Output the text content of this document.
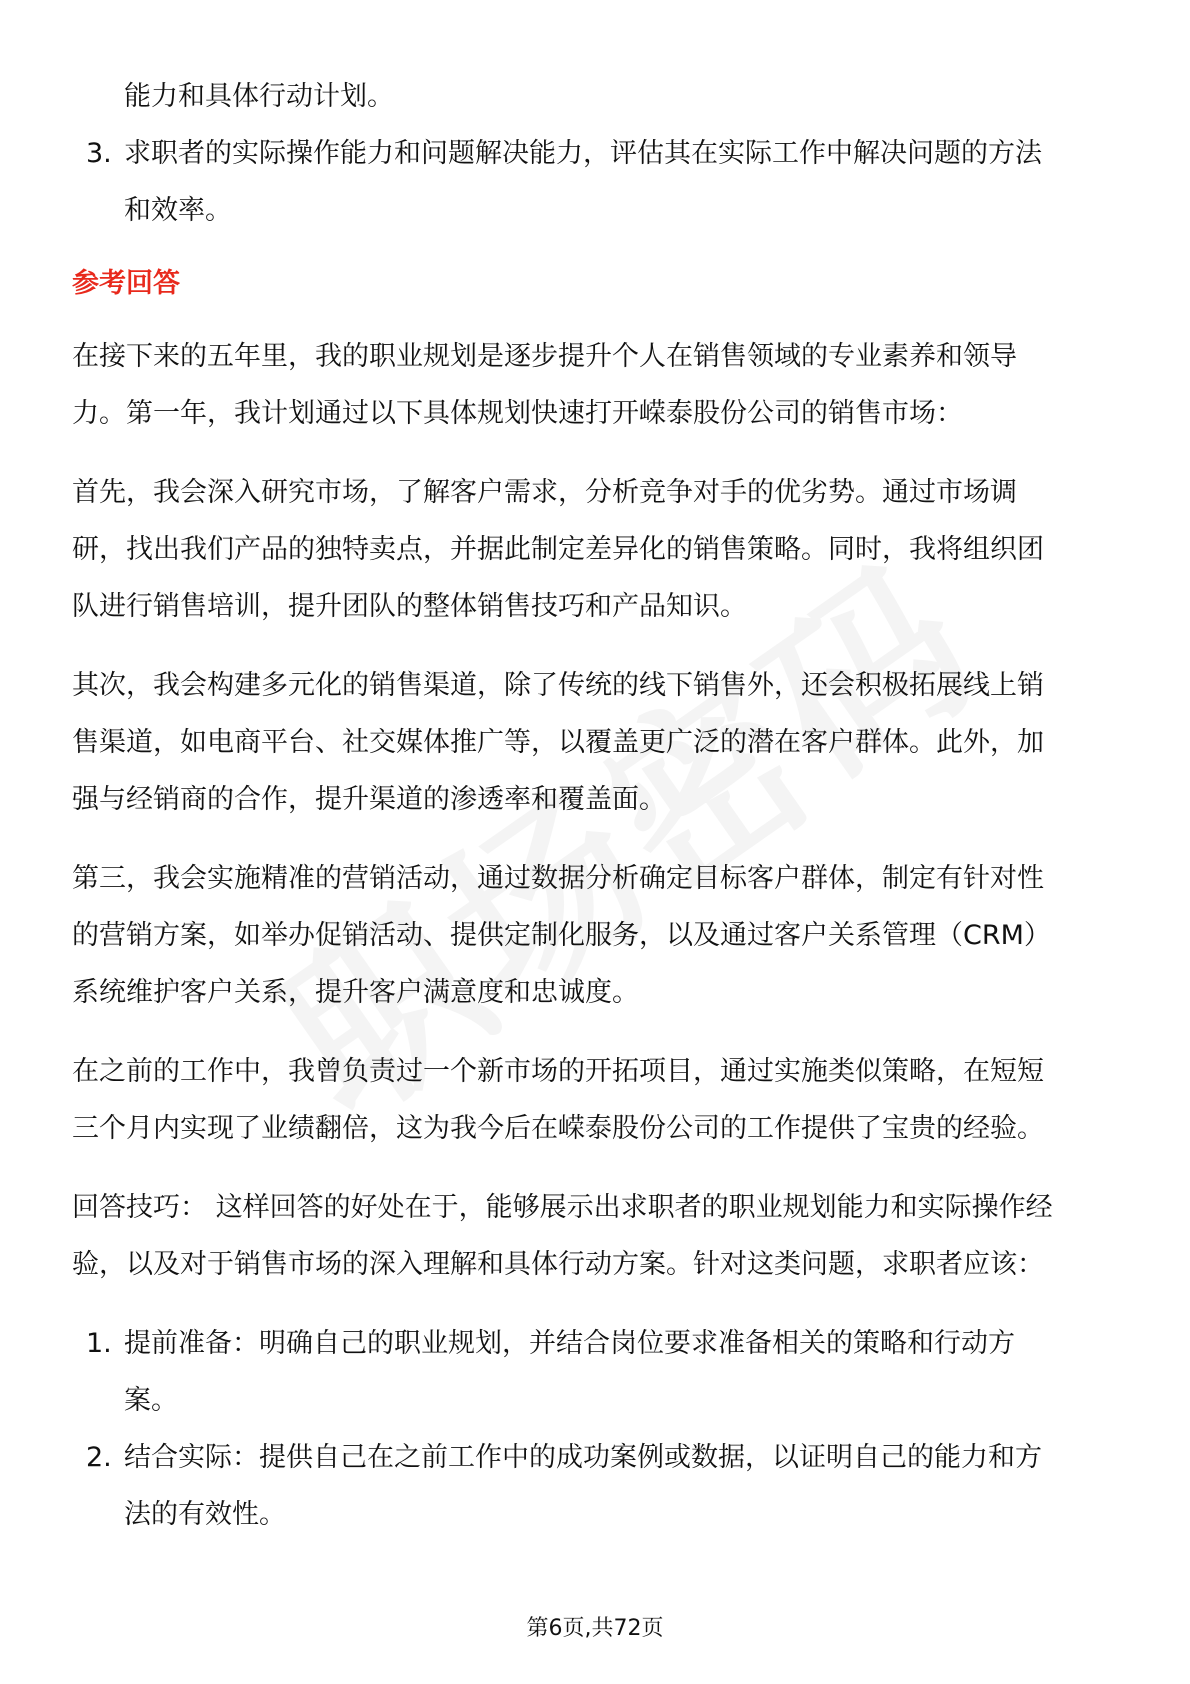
能力和具体行动计划。

3. 求职者的实际操作能力和问题解决能力，评估其在实际工作中解决问题的方法

和效率。

参考回答

在接下来的五年里，我的职业规划是逐步提升个人在销售领域的专业素养和领导

力。第一年，我计划通过以下具体规划快速打开嵘泰股份公司的销售市场：

首先，我会深入研究市场，了解客户需求，分析竞争对手的优劣势。通过市场调

研，找出我们产品的独特卖点，并据此制定差异化的销售策略。同时，我将组织团

队进行销售培训，提升团队的整体销售技巧和产品知识。

其次，我会构建多元化的销售渠道，除了传统的线下销售外，还会积极拓展线上销

售渠道，如电商平台、社交媒体推广等，以覆盖更广泛的潜在客户群体。此外，加

强与经销商的合作，提升渠道的渗透率和覆盖面。

第三，我会实施精准的营销活动，通过数据分析确定目标客户群体，制定有针对性

的营销方案，如举办促销活动、提供定制化服务，以及通过客户关系管理（CRM）

系统维护客户关系，提升客户满意度和忠诚度。

在之前的工作中，我曾负责过一个新市场的开拓项目，通过实施类似策略，在短短

三个月内实现了业绩翻倍，这为我今后在嵘泰股份公司的工作提供了宝贵的经验。

回答技巧： 这样回答的好处在于，能够展示出求职者的职业规划能力和实际操作经

验，以及对于销售市场的深入理解和具体行动方案。针对这类问题，求职者应该：

1. 提前准备：明确自己的职业规划，并结合岗位要求准备相关的策略和行动方

案。

2. 结合实际：提供自己在之前工作中的成功案例或数据，以证明自己的能力和方

法的有效性。

第6页,共72页
